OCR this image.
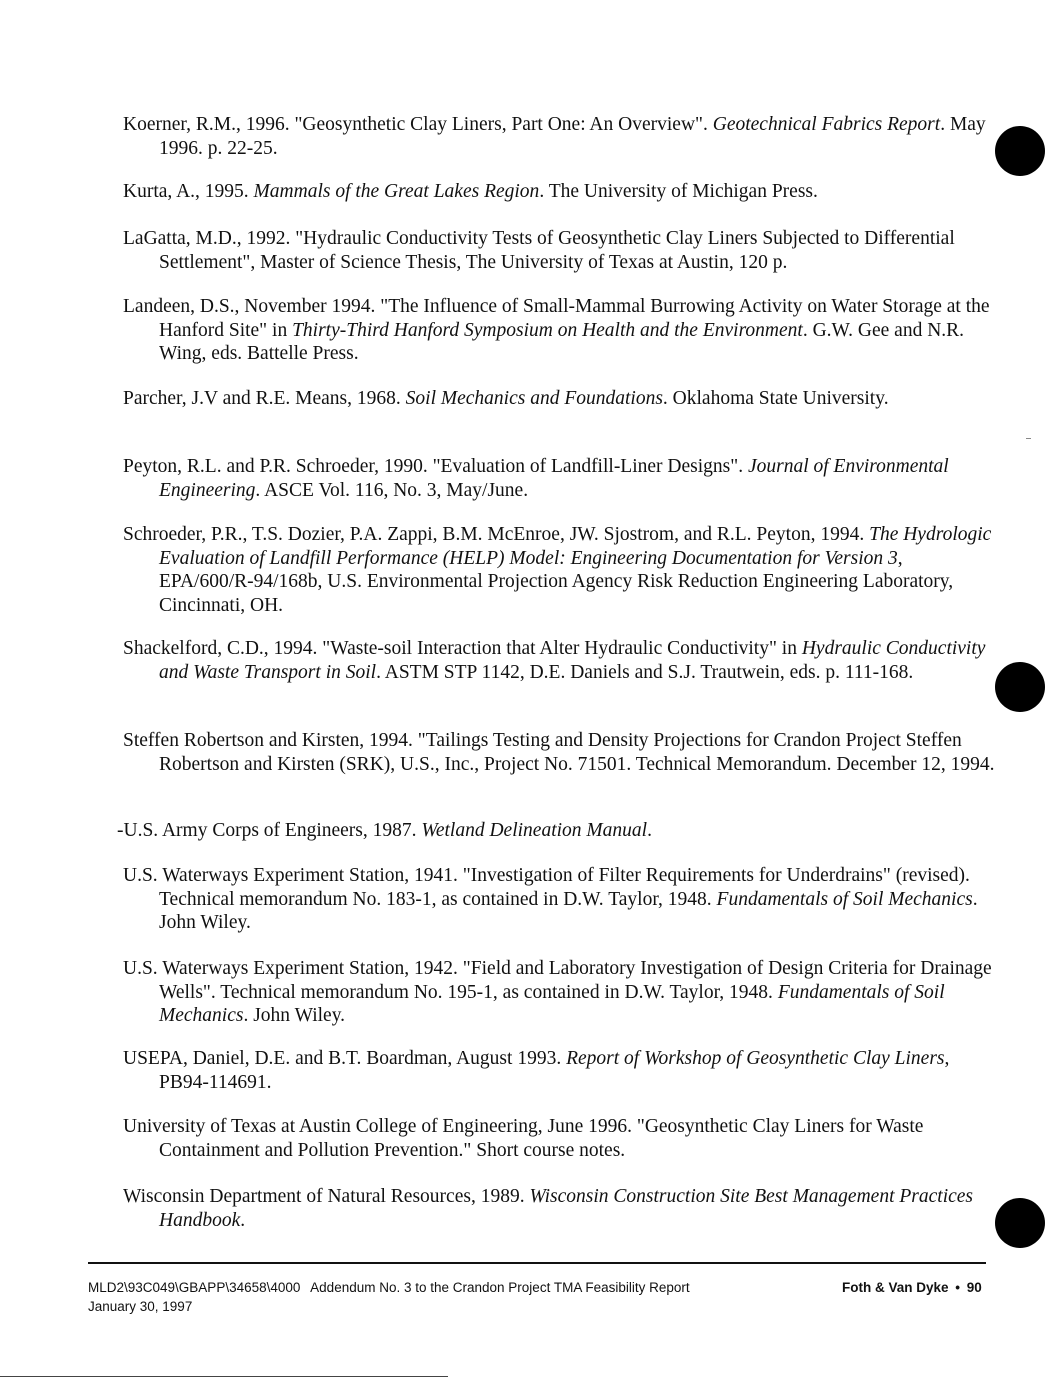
Koerner, R.M., 1996. "Geosynthetic Clay Liners, Part One: An Overview". Geotechnical Fabrics Report. May 1996. p. 22-25.

Kurta, A., 1995. Mammals of the Great Lakes Region. The University of Michigan Press.

LaGatta, M.D., 1992. "Hydraulic Conductivity Tests of Geosynthetic Clay Liners Subjected to Differential Settlement", Master of Science Thesis, The University of Texas at Austin, 120 p.

Landeen, D.S., November 1994. "The Influence of Small-Mammal Burrowing Activity on Water Storage at the Hanford Site" in Thirty-Third Hanford Symposium on Health and the Environment. G.W. Gee and N.R. Wing, eds. Battelle Press.

Parcher, J.V and R.E. Means, 1968. Soil Mechanics and Foundations. Oklahoma State University.

Peyton, R.L. and P.R. Schroeder, 1990. "Evaluation of Landfill-Liner Designs". Journal of Environmental Engineering. ASCE Vol. 116, No. 3, May/June.

Schroeder, P.R., T.S. Dozier, P.A. Zappi, B.M. McEnroe, JW. Sjostrom, and R.L. Peyton, 1994. The Hydrologic Evaluation of Landfill Performance (HELP) Model: Engineering Documentation for Version 3, EPA/600/R-94/168b, U.S. Environmental Projection Agency Risk Reduction Engineering Laboratory, Cincinnati, OH.

Shackelford, C.D., 1994. "Waste-soil Interaction that Alter Hydraulic Conductivity" in Hydraulic Conductivity and Waste Transport in Soil. ASTM STP 1142, D.E. Daniels and S.J. Trautwein, eds. p. 111-168.

Steffen Robertson and Kirsten, 1994. "Tailings Testing and Density Projections for Crandon Project Steffen Robertson and Kirsten (SRK), U.S., Inc., Project No. 71501. Technical Memorandum. December 12, 1994.

-U.S. Army Corps of Engineers, 1987. Wetland Delineation Manual.

U.S. Waterways Experiment Station, 1941. "Investigation of Filter Requirements for Underdrains" (revised). Technical memorandum No. 183-1, as contained in D.W. Taylor, 1948. Fundamentals of Soil Mechanics. John Wiley.

U.S. Waterways Experiment Station, 1942. "Field and Laboratory Investigation of Design Criteria for Drainage Wells". Technical memorandum No. 195-1, as contained in D.W. Taylor, 1948. Fundamentals of Soil Mechanics. John Wiley.

USEPA, Daniel, D.E. and B.T. Boardman, August 1993. Report of Workshop of Geosynthetic Clay Liners, PB94-114691.

University of Texas at Austin College of Engineering, June 1996. "Geosynthetic Clay Liners for Waste Containment and Pollution Prevention." Short course notes.

Wisconsin Department of Natural Resources, 1989. Wisconsin Construction Site Best Management Practices Handbook.

MLD2\93C049\GBAPP\34658\4000 Addendum No. 3 to the Crandon Project TMA Feasibility Report
January 30, 1997
Foth & Van Dyke • 90
